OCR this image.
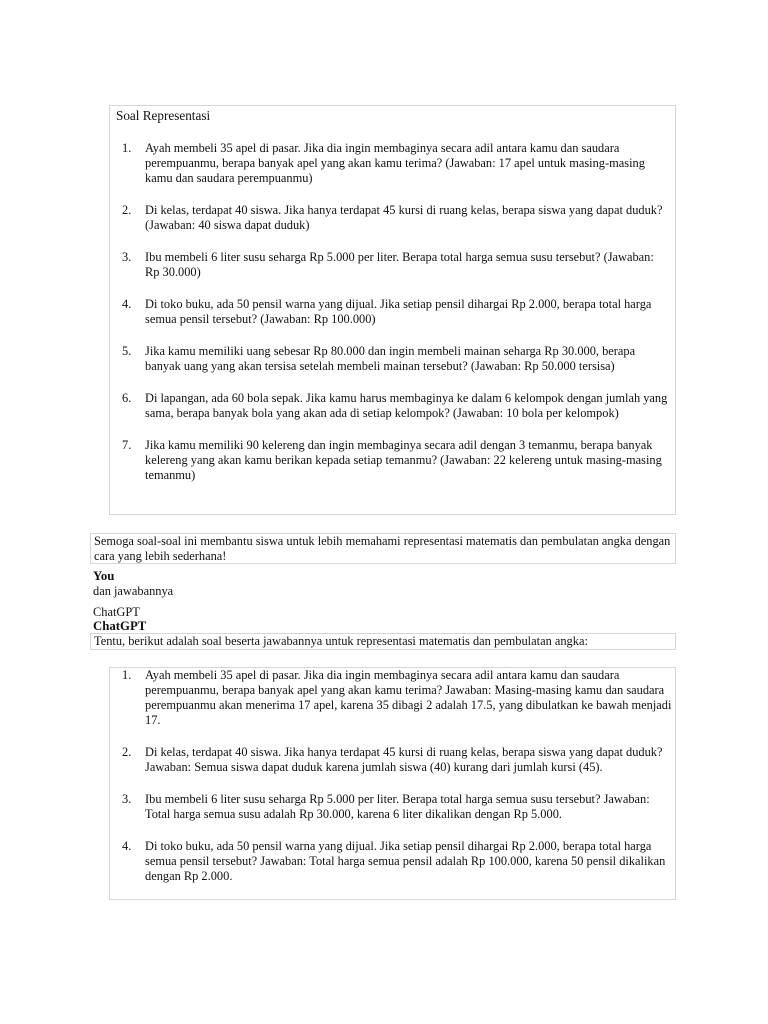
Soal Representasi
1. Ayah membeli 35 apel di pasar. Jika dia ingin membaginya secara adil antara kamu dan saudara perempuanmu, berapa banyak apel yang akan kamu terima? (Jawaban: 17 apel untuk masing-masing kamu dan saudara perempuanmu)
2. Di kelas, terdapat 40 siswa. Jika hanya terdapat 45 kursi di ruang kelas, berapa siswa yang dapat duduk? (Jawaban: 40 siswa dapat duduk)
3. Ibu membeli 6 liter susu seharga Rp 5.000 per liter. Berapa total harga semua susu tersebut? (Jawaban: Rp 30.000)
4. Di toko buku, ada 50 pensil warna yang dijual. Jika setiap pensil dihargai Rp 2.000, berapa total harga semua pensil tersebut? (Jawaban: Rp 100.000)
5. Jika kamu memiliki uang sebesar Rp 80.000 dan ingin membeli mainan seharga Rp 30.000, berapa banyak uang yang akan tersisa setelah membeli mainan tersebut? (Jawaban: Rp 50.000 tersisa)
6. Di lapangan, ada 60 bola sepak. Jika kamu harus membaginya ke dalam 6 kelompok dengan jumlah yang sama, berapa banyak bola yang akan ada di setiap kelompok? (Jawaban: 10 bola per kelompok)
7. Jika kamu memiliki 90 kelereng dan ingin membaginya secara adil dengan 3 temanmu, berapa banyak kelereng yang akan kamu berikan kepada setiap temanmu? (Jawaban: 22 kelereng untuk masing-masing temanmu)
Semoga soal-soal ini membantu siswa untuk lebih memahami representasi matematis dan pembulatan angka dengan cara yang lebih sederhana!
You
dan jawabannya
ChatGPT
ChatGPT
Tentu, berikut adalah soal beserta jawabannya untuk representasi matematis dan pembulatan angka:
1. Ayah membeli 35 apel di pasar. Jika dia ingin membaginya secara adil antara kamu dan saudara perempuanmu, berapa banyak apel yang akan kamu terima? Jawaban: Masing-masing kamu dan saudara perempuanmu akan menerima 17 apel, karena 35 dibagi 2 adalah 17.5, yang dibulatkan ke bawah menjadi 17.
2. Di kelas, terdapat 40 siswa. Jika hanya terdapat 45 kursi di ruang kelas, berapa siswa yang dapat duduk? Jawaban: Semua siswa dapat duduk karena jumlah siswa (40) kurang dari jumlah kursi (45).
3. Ibu membeli 6 liter susu seharga Rp 5.000 per liter. Berapa total harga semua susu tersebut? Jawaban: Total harga semua susu adalah Rp 30.000, karena 6 liter dikalikan dengan Rp 5.000.
4. Di toko buku, ada 50 pensil warna yang dijual. Jika setiap pensil dihargai Rp 2.000, berapa total harga semua pensil tersebut? Jawaban: Total harga semua pensil adalah Rp 100.000, karena 50 pensil dikalikan dengan Rp 2.000.
